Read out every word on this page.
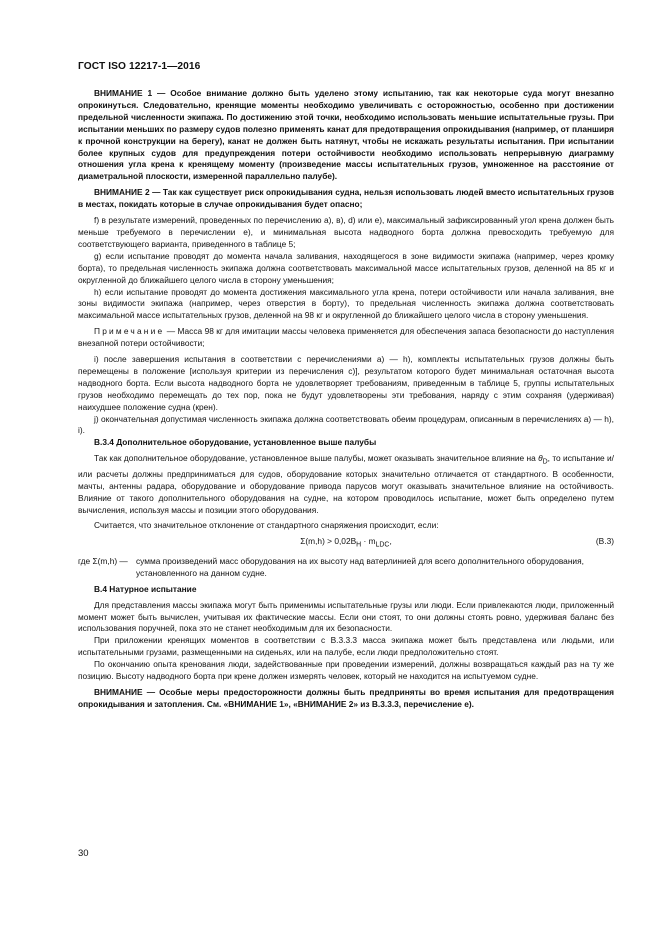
ГОСТ ISO 12217-1—2016

ВНИМАНИЕ 1 — Особое внимание должно быть уделено этому испытанию, так как некоторые суда могут внезапно опрокинуться. Следовательно, кренящие моменты необходимо увеличивать с осторожностью, особенно при достижении предельной численности экипажа. По достижению этой точки, необходимо использовать меньшие испытательные грузы. При испытании меньших по размеру судов полезно применять канат для предотвращения опрокидывания (например, от планширя к прочной конструкции на берегу), канат не должен быть натянут, чтобы не искажать результаты испытания. При испытании более крупных судов для предупреждения потери остойчивости необходимо использовать непрерывную диаграмму отношения угла крена к кренящему моменту (произведение массы испытательных грузов, умноженное на расстояние от диаметральной плоскости, измеренной параллельно палубе).

ВНИМАНИЕ 2 — Так как существует риск опрокидывания судна, нельзя использовать людей вместо испытательных грузов в местах, покидать которые в случае опрокидывания будет опасно;

f) в результате измерений, проведенных по перечислению a), в), d) или e), максимальный зафиксированный угол крена должен быть меньше требуемого в перечислении e), и минимальная высота надводного борта должна превосходить требуемую для соответствующего варианта, приведенного в таблице 5;

g) если испытание проводят до момента начала заливания, находящегося в зоне видимости экипажа (например, через кромку борта), то предельная численность экипажа должна соответствовать максимальной массе испытательных грузов, деленной на 85 кг и округленной до ближайшего целого числа в сторону уменьшения;

h) если испытание проводят до момента достижения максимального угла крена, потери остойчивости или начала заливания, вне зоны видимости экипажа (например, через отверстия в борту), то предельная численность экипажа должна соответствовать максимальной массе испытательных грузов, деленной на 98 кг и округленной до ближайшего целого числа в сторону уменьшения.

Примечание — Масса 98 кг для имитации массы человека применяется для обеспечения запаса безопасности до наступления внезапной потери остойчивости;

i) после завершения испытания в соответствии с перечислениями a) — h), комплекты испытательных грузов должны быть перемещены в положение [используя критерии из перечисления c)], результатом которого будет минимальная остаточная высота надводного борта. Если высота надводного борта не удовлетворяет требованиям, приведенным в таблице 5, группы испытательных грузов необходимо перемещать до тех пор, пока не будут удовлетворены эти требования, наряду с этим сохраняя (удерживая) наихудшее положение судна (крен).

j) окончательная допустимая численность экипажа должна соответствовать обеим процедурам, описанным в перечислениях a) — h), i).

В.3.4 Дополнительное оборудование, установленное выше палубы

Так как дополнительное оборудование, установленное выше палубы, может оказывать значительное влияние на $\theta_D$, то испытание и/или расчеты должны предприниматься для судов, оборудование которых значительно отличается от стандартного. В особенности, мачты, антенны радара, оборудование и оборудование привода парусов могут оказывать значительное влияние на остойчивость. Влияние от такого дополнительного оборудования на судне, на котором проводилось испытание, может быть определено путем вычисления, используя массы и позиции этого оборудования.

Считается, что значительное отклонение от стандартного снаряжения происходит, если:

$\Sigma(m,h) > 0,02B_H \cdot m_{LDC}$,	(B.3)
где Σ(m,h) — сумма произведений масс оборудования на их высоту над ватерлинией для всего дополнительного оборудования, установленного на данном судне.
В.4 Натурное испытание

Для представления массы экипажа могут быть применимы испытательные грузы или люди. Если привлекаются люди, приложенный момент может быть вычислен, учитывая их фактические массы. Если они стоят, то они должны стоять ровно, удерживая баланс без использования поручней, пока это не станет необходимым для их безопасности.

При приложении кренящих моментов в соответствии с В.3.3.3 масса экипажа может быть представлена или людьми, или испытательными грузами, размещенными на сиденьях, или на палубе, если люди предположительно стоят.

По окончанию опыта кренования люди, задействованные при проведении измерений, должны возвращаться каждый раз на ту же позицию. Высоту надводного борта при крене должен измерять человек, который не находится на испытуемом судне.

ВНИМАНИЕ — Особые меры предосторожности должны быть предприняты во время испытания для предотвращения опрокидывания и затопления. См. «ВНИМАНИЕ 1», «ВНИМАНИЕ 2» из В.3.3.3, перечисление e).

30
